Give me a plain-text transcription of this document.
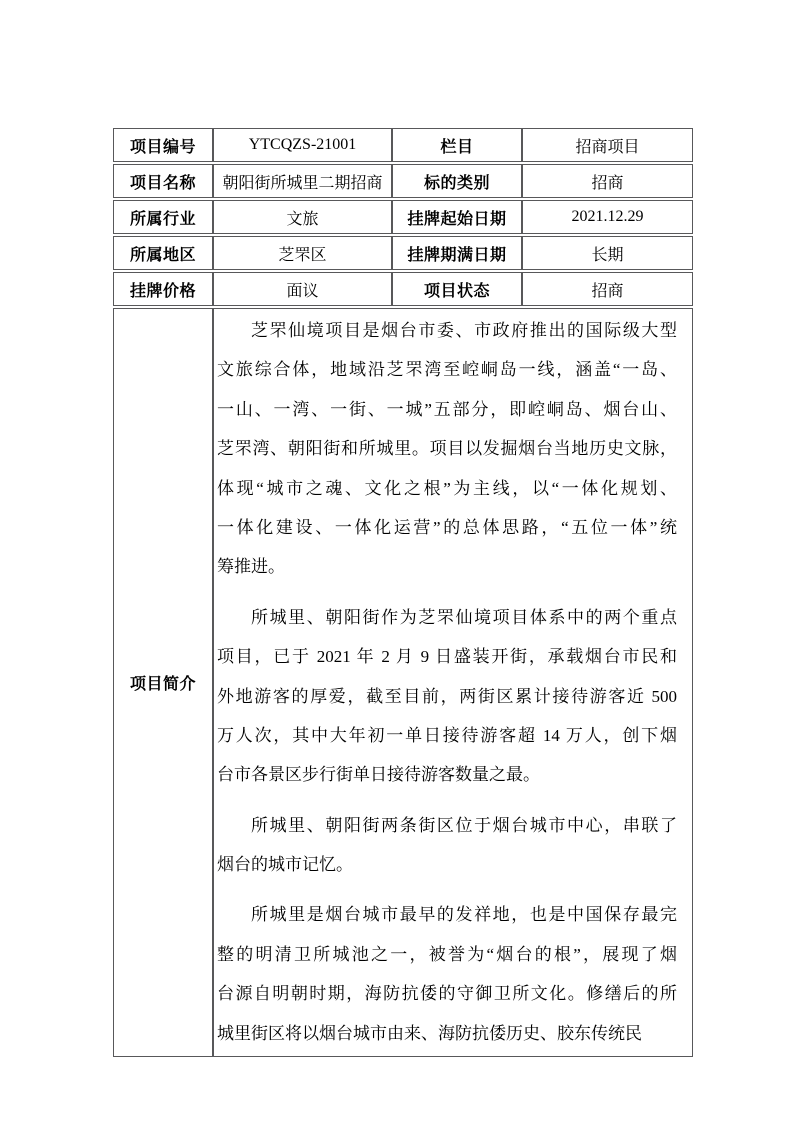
项目编号	YTCQZS-21001	栏目	招商项目
项目名称	朝阳街所城里二期招商	标的类别	招商
所属行业	文旅	挂牌起始日期	2021.12.29
所属地区	芝罘区	挂牌期满日期	长期
挂牌价格	面议	项目状态	招商
项目简介	
芝罘仙境项目是烟台市委、市政府推出的国际级大型
文旅综合体，地域沿芝罘湾至崆峒岛一线，涵盖“一岛、
一山、一湾、一街、一城”五部分，即崆峒岛、烟台山、
芝罘湾、朝阳街和所城里。项目以发掘烟台当地历史文脉，
体现“城市之魂、文化之根”为主线，以“一体化规划、
一体化建设、一体化运营”的总体思路，“五位一体”统
筹推进。
所城里、朝阳街作为芝罘仙境项目体系中的两个重点
项目，已于 2021 年 2 月 9 日盛装开街，承载烟台市民和
外地游客的厚爱，截至目前，两街区累计接待游客近 500
万人次，其中大年初一单日接待游客超 14 万人，创下烟
台市各景区步行街单日接待游客数量之最。
所城里、朝阳街两条街区位于烟台城市中心，串联了
烟台的城市记忆。
所城里是烟台城市最早的发祥地，也是中国保存最完
整的明清卫所城池之一，被誉为“烟台的根”，展现了烟
台源自明朝时期，海防抗倭的守御卫所文化。修缮后的所
城里街区将以烟台城市由来、海防抗倭历史、胶东传统民
